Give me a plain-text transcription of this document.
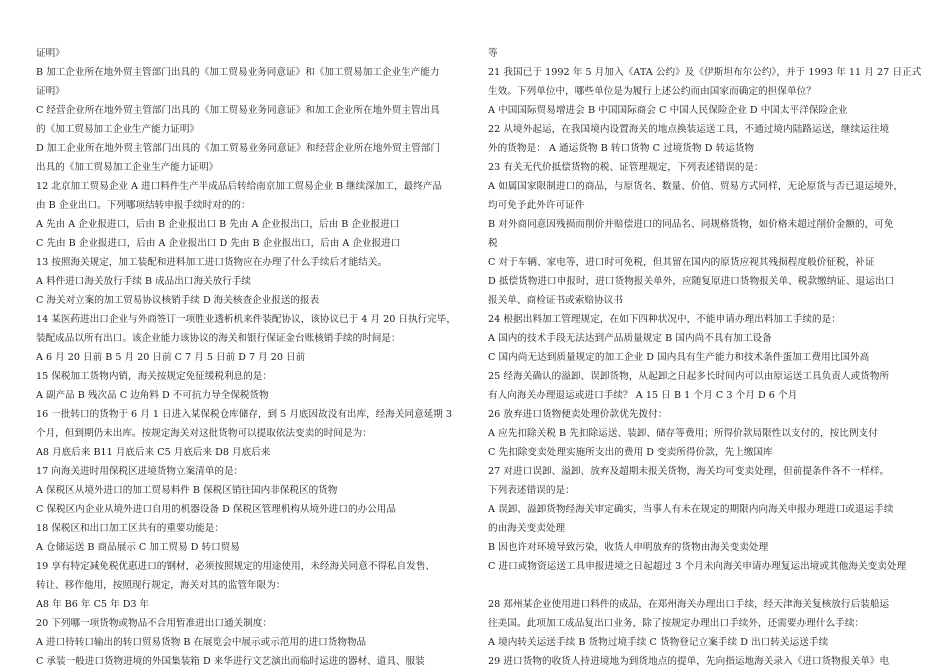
证明》
B 加工企业所在地外贸主管部门出具的《加工贸易业务同意证》和《加工贸易加工企业生产能力
证明》
C 经营企业所在地外贸主管部门出具的《加工贸易业务同意证》和加工企业所在地外贸主管出具
的《加工贸易加工企业生产能力证明》
D 加工企业所在地外贸主管部门出具的《加工贸易业务同意证》和经营企业所在地外贸主管部门
出具的《加工贸易加工企业生产能力证明》
12 北京加工贸易企业 A 进口料件生产半成品后转给南京加工贸易企业 B 继续深加工，最终产品
由 B 企业出口。下列哪项结转申报手续时对的的：
A 先由 A 企业报进口，后由 B 企业报出口 B 先由 A 企业报出口，后由 B 企业报进口
C 先由 B 企业报进口，后由 A 企业报出口 D 先由 B 企业报出口，后由 A 企业报进口
13 按照海关规定，加工装配和进料加工进口货物应在办理了什么手续后才能结关。
A 料件进口海关放行手续 B 成品出口海关放行手续
C 海关对立案的加工贸易协议核销手续 D 海关核查企业报送的报表
14 某医药进出口企业与外商签订一项胜业透析机来件装配协议，该协议已于 4 月 20 日执行完毕，
装配成品以所有出口。该企业能力该协议的海关和银行保证金台账核销手续的时间是：
A 6 月 20 日前 B 5 月 20 日前 C 7 月 5 日前 D 7 月 20 日前
15 保税加工货物内销，海关按规定免征缓税利息的是：
A 副产品 B 残次品 C 边角料 D 不可抗力导全保税货物
16 一批转口的货物于 6 月 1 日进入某保税仓库储存，到 5 月底因故没有出库，经海关同意延期 3
个月，但到期仍未出库。按规定海关对这批货物可以提取依法变卖的时间是为：
A8 月底后来 B11 月底后来 C5 月底后来 D8 月底后来
17 向海关进时用保税区进境货物立案清单的是：
A 保税区从境外进口的加工贸易料件 B 保税区销往国内非保税区的货物
C 保税区内企业从境外进口自用的机器设备 D 保税区管理机构从境外进口的办公用品
18 保税区和出口加工区共有的重要功能是：
A 仓储运送 B 商品展示 C 加工贸易 D 转口贸易
19 享有特定减免税优惠进口的钢材，必须按照规定的用途使用，未经海关同意不得私自发售、
转让、移作他用，按照现行规定，海关对其的监管年限为：
A8 年 B6 年 C5 年 D3 年
20 下列哪一项货物或物品不合用暂准进出口通关制度：
A 进口待转口输出的转口贸易货物 B 在展览会中展示或示范用的进口货物物品
C 承装一般进口货物进境的外国集装箱 D 来华进行文艺演出而临时运进的器材、道具、服装
等
21 我国已于 1992 年 5 月加入《ATA 公约》及《伊斯坦布尔公约》，并于 1993 年 11 月 27 日正式
生效。下列单位中，哪些单位是为履行上述公约而由国家而确定的担保单位？
A 中国国际贸易增进会 B 中国国际商会 C 中国人民保险企业 D 中国太平洋保险企业
22 从境外起运，在我国境内设置海关的地点换装运送工具，不通过境内陆路运送，继续运往境
外的货物是： A 通运货物 B 转口货物 C 过境货物 D 转运货物
23 有关无代价抵偿货物的税、证管理规定，下列表述错误的是：
A 如属国家限制进口的商品，与原货名、数量、价值、贸易方式同样，无论原货与否已退运境外，
均可免予此外许可证件
B 对外商同意因残损而削价并赔偿进口的同品名、同规格货物，如价格未超过削价金额的，可免
税
C 对于车辆、家电等，进口时可免税，但其留在国内的原货应视其残损程度般价征税，补证
D 抵偿货物进口申报时，进口货物报关单外，应随复原进口货物报关单、税款缴纳证、退运出口
报关单、商检证书或索赔协议书
24 根据出料加工管理规定，在如下四种状况中，不能申请办理出料加工手续的是：
A 国内的技术手段无法达到产品质量规定 B 国内尚不具有加工设备
C 国内尚无达到质量规定的加工企业 D 国内具有生产能力和技术条件蛋加工费用比国外高
25 经海关确认的溢卸、误卸货物，从起卸之日起多长时间内可以由原运送工具负责人或货物所
有人向海关办理退运或进口手续？ A 15 日 B 1 个月 C 3 个月 D 6 个月
26 放弃进口货物便卖处理价款优先拨付：
A 应先扣除关税 B 先扣除运送、装卸、储存等费用；所得价款局限性以支付的，按比例支付
C 先扣除变卖处理实施所支出的费用 D 变卖所得价款，先上缴国库
27 对进口误卸、溢卸、放弃及超期未报关货物，海关均可变卖处理，但前提条件各不一样样。
下列表述错误的是：
A 误卸、溢卸货物经海关审定确实，当事人有未在规定的期限内向海关申报办理进口或退运手续
的由海关变卖处理
B 因也许对环境导致污染，收货人申明放弃的货物由海关变卖处理
C 进口或物资运送工具申报进境之日起超过 3 个月未向海关申请办理复运出境或其他海关变卖处理
28 郑州某企业使用进口料件的成品，在郑州海关办理出口手续，经天津海关复核放行后装船运
往美国。此项加工成品复出口业务，除了按规定办理出口手续外，还需要办理什么手续：
A 境内转关运送手续 B 货物过境手续 C 货物登记立案手续 D 出口转关运送手续
29 进口货物的收货人持进境地为到货地点的提单，先向指运地海关录入《进口货物报关单》电
